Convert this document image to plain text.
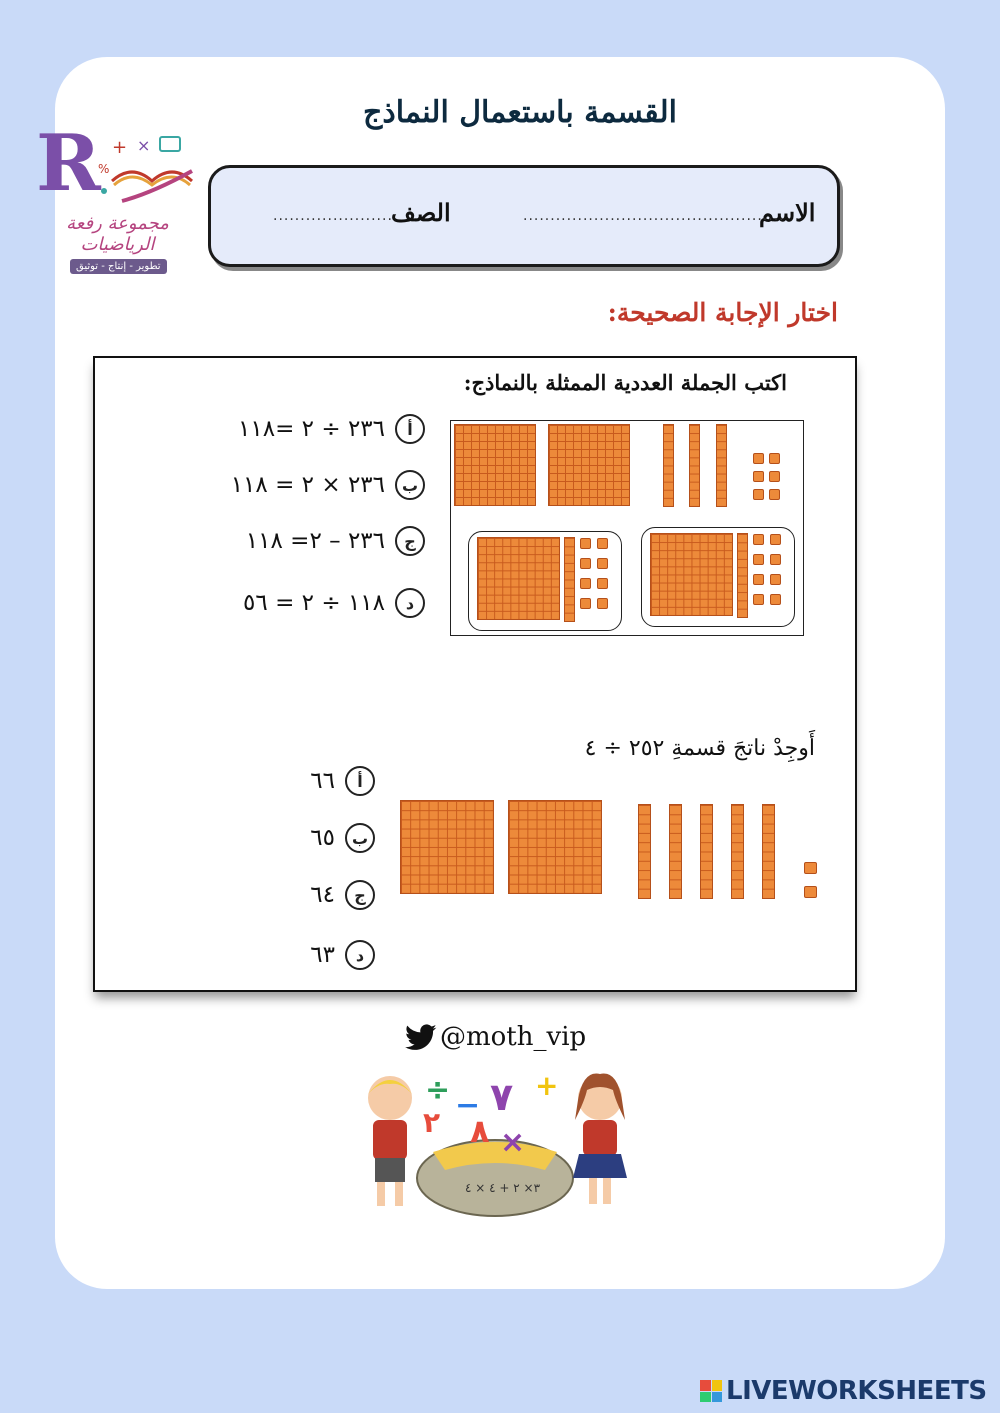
القسمة باستعمال النماذج
R + ×
%
مجموعة رفعة الرياضيات
تطوير - إنتاج - توثيق
الاسم
................................................
الصف
......................
اختار الإجابة الصحيحة:
اكتب الجملة العددية الممثلة بالنماذج:
أ
٢٣٦ ÷ ٢ =١١٨
ب
٢٣٦ × ٢ = ١١٨
ج
٢٣٦ – ٢= ١١٨
د
١١٨ ÷ ٢ = ٥٦
أَوجِدْ ناتجَ قسمةِ ٢٥٢ ÷ ٤
أ
٦٦
ب
٦٥
ج
٦٤
د
٦٣
@moth_vip
٣× ٢ + ٤ × ٤
÷ − ٧ +
×
٨
٢
LIVEWORKSHEETS
